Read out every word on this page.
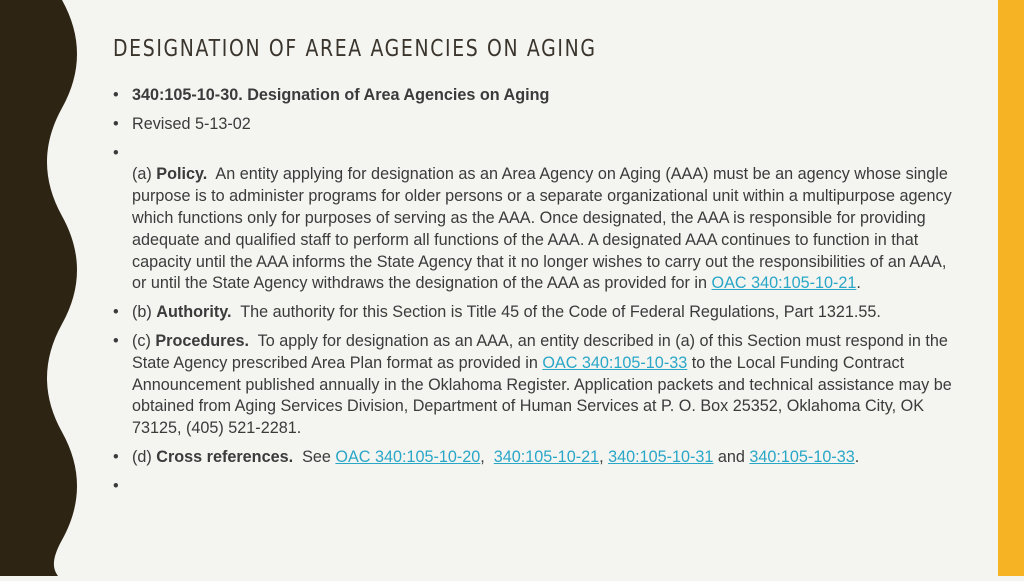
DESIGNATION OF AREA AGENCIES ON AGING
• 340:105-10-30. Designation of Area Agencies on Aging
• Revised 5-13-02
•
(a) Policy. An entity applying for designation as an Area Agency on Aging (AAA) must be an agency whose single purpose is to administer programs for older persons or a separate organizational unit within a multipurpose agency which functions only for purposes of serving as the AAA. Once designated, the AAA is responsible for providing adequate and qualified staff to perform all functions of the AAA. A designated AAA continues to function in that capacity until the AAA informs the State Agency that it no longer wishes to carry out the responsibilities of an AAA, or until the State Agency withdraws the designation of the AAA as provided for in OAC 340:105-10-21.
• (b) Authority. The authority for this Section is Title 45 of the Code of Federal Regulations, Part 1321.55.
• (c) Procedures. To apply for designation as an AAA, an entity described in (a) of this Section must respond in the State Agency prescribed Area Plan format as provided in OAC 340:105-10-33 to the Local Funding Contract Announcement published annually in the Oklahoma Register. Application packets and technical assistance may be obtained from Aging Services Division, Department of Human Services at P. O. Box 25352, Oklahoma City, OK 73125, (405) 521-2281.
• (d) Cross references. See OAC 340:105-10-20, 340:105-10-21, 340:105-10-31 and 340:105-10-33.
•
